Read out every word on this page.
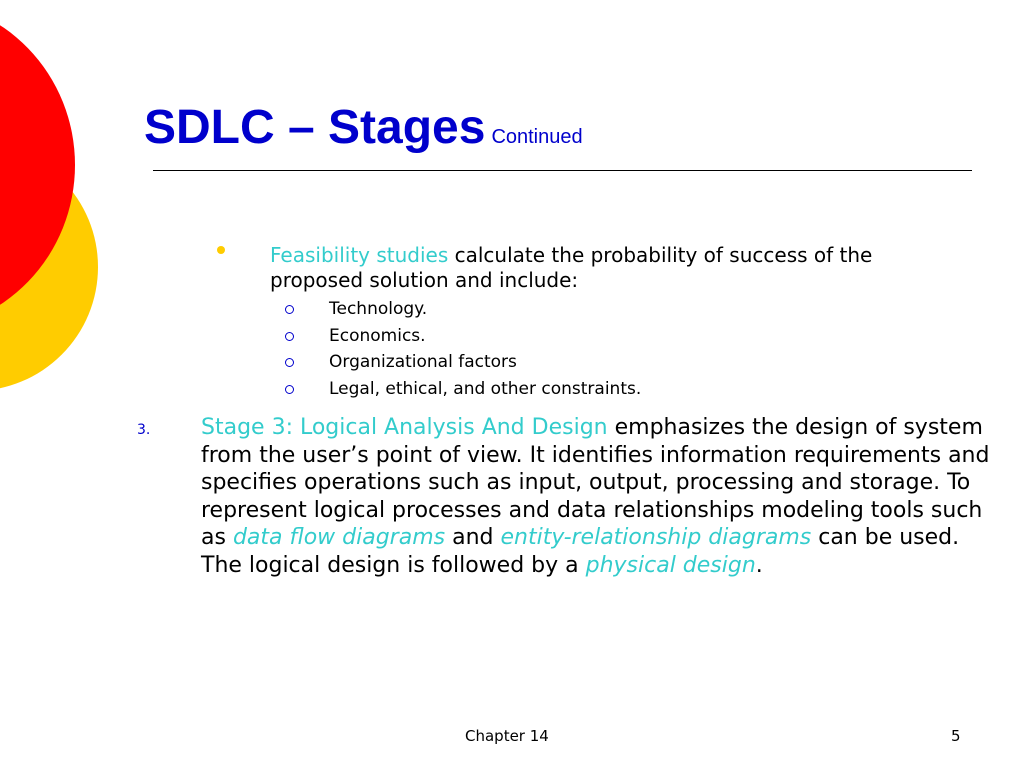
SDLC – Stages Continued
Feasibility studies calculate the probability of success of the proposed solution and include:
Technology.
Economics.
Organizational factors
Legal, ethical, and other constraints.
3. Stage 3: Logical Analysis And Design emphasizes the design of system from the user’s point of view. It identifies information requirements and specifies operations such as input, output, processing and storage. To represent logical processes and data relationships modeling tools such as data flow diagrams and entity-relationship diagrams can be used. The logical design is followed by a physical design.
Chapter 14	5
